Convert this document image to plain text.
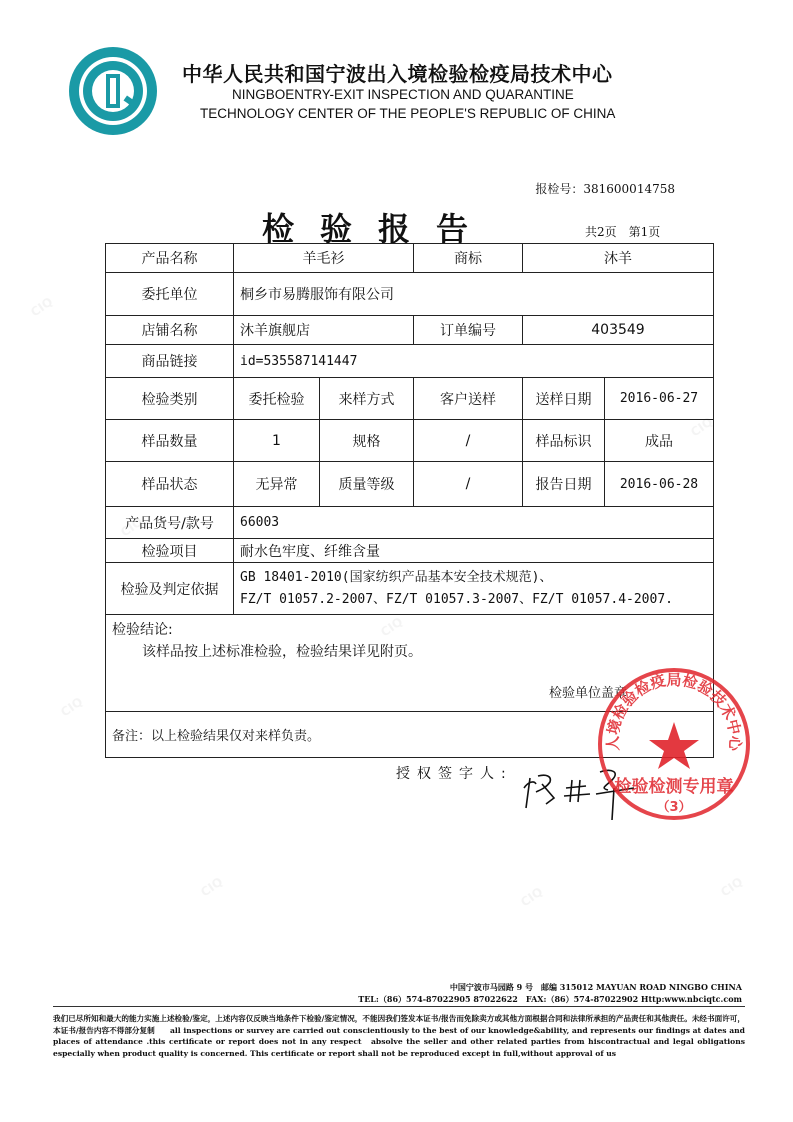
中华人民共和国宁波出入境检验检疫局技术中心
NINGBOENTRY-EXIT INSPECTION AND QUARANTINE
TECHNOLOGY CENTER OF THE PEOPLE'S REPUBLIC OF CHINA
报检号：381600014758
检验报告	共2页　第1页
产品名称	羊毛衫		商标	沐羊	
委托单位	桐乡市易腾服饰有限公司				
店铺名称	沐羊旗舰店		订单编号	403549	
商品链接	id=535587141447				
检验类别	委托检验	来样方式	客户送样	送样日期	2016-06-27
样品数量	1	规格	/	样品标识	成品
样品状态	无异常	质量等级	/	报告日期	2016-06-28
产品货号/款号	66003				
检验项目	耐水色牢度、纤维含量				
检验及判定依据	GB 18401-2010(国家纺织产品基本安全技术规范)、
FZ/T 01057.2-2007、FZ/T 01057.3-2007、FZ/T 01057.4-2007.				

检验结论:
该样品按上述标准检验，检验结果详见附页。
检验单位盖章					

备注：以上检验结果仅对来样负责。					
授权签字人:
人境检验检疫局检验技术中心
检验检测专用章
（3）
中国宁波市马园路 9 号　邮编 315012 MAYUAN ROAD NINGBO CHINA
TEL:（86）574-87022905 87022622　FAX:（86）574-87022902 Http:www.nbciqtc.com
我们已尽所知和最大的能力实施上述检验/鉴定，上述内容仅反映当地条件下检验/鉴定情况，不能因我们签发本证书/报告而免除卖方或其他方面根据合同和法律所承担的产品责任和其他责任。未经书面许可，本证书/报告内容不得部分复制　　all inspections or survey are carried out conscientiously to the best of our knowledge&ability, and represents our findings at dates and places of attendance .this certificate or report does not in any respect　absolve the seller and other related parties from hiscontractual and legal obligations especially when product quality is concerned. This certificate or report shall not be reproduced except in full,without approval of us
